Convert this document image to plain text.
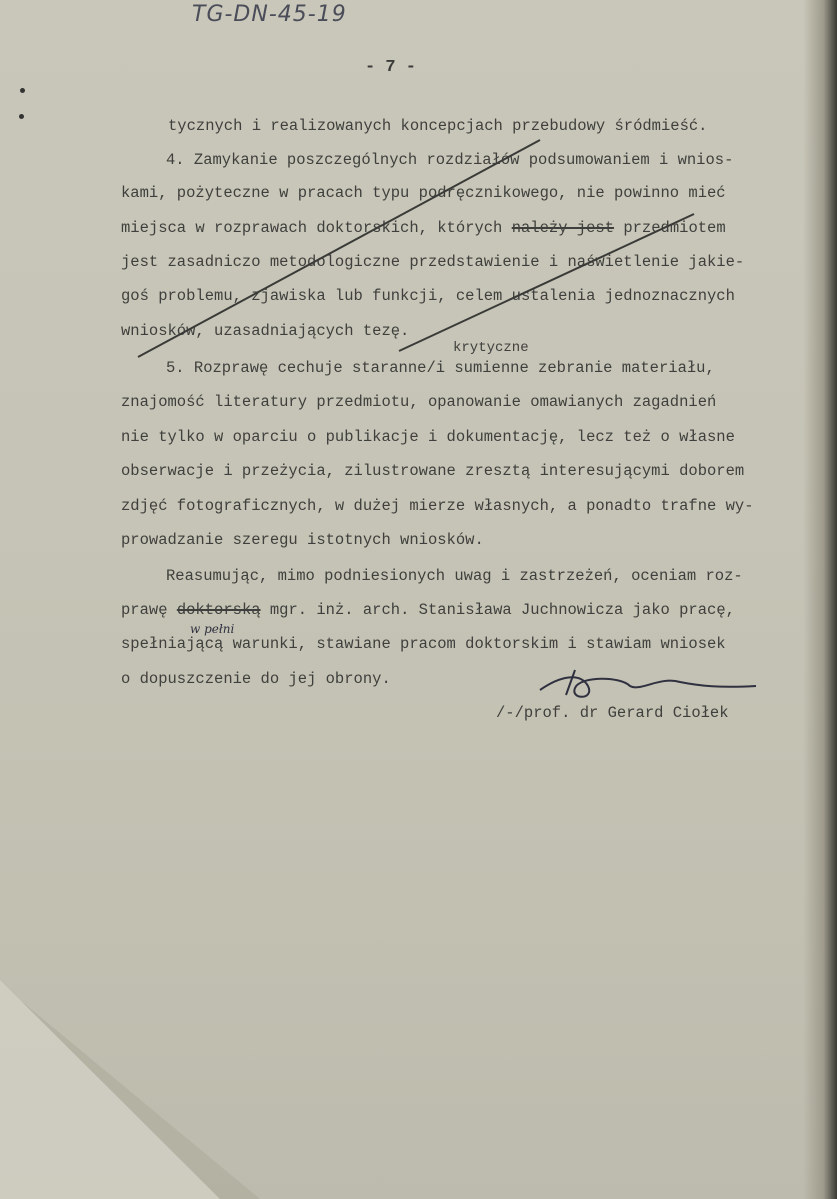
TG-DN-45-19
- 7 -
tycznych i realizowanych koncepcjach przebudowy śródmieść.
4. Zamykanie poszczególnych rozdziałów podsumowaniem i wnios-
kami, pożyteczne w pracach typu podręcznikowego, nie powinno mieć
miejsca w rozprawach doktorskich, których należy jest przedmiotem
jest zasadniczo metodologiczne przedstawienie i naświetlenie jakie-
goś problemu, zjawiska lub funkcji, celem ustalenia jednoznacznych
wniosków, uzasadniających tezę.
krytyczne
5. Rozprawę cechuje staranne/i sumienne zebranie materiału,
znajomość literatury przedmiotu, opanowanie omawianych zagadnień
nie tylko w oparciu o publikacje i dokumentację, lecz też o własne
obserwacje i przeżycia, zilustrowane zresztą interesującymi doborem
zdjęć fotograficznych, w dużej mierze własnych, a ponadto trafne wy-
prowadzanie szeregu istotnych wniosków.
Reasumując, mimo podniesionych uwag i zastrzeżeń, oceniam roz-
prawę doktorską mgr. inż. arch. Stanisława Juchnowicza jako pracę,
w pełni
spełniającą warunki, stawiane pracom doktorskim i stawiam wniosek
o dopuszczenie do jej obrony.
/-/prof. dr Gerard Ciołek
